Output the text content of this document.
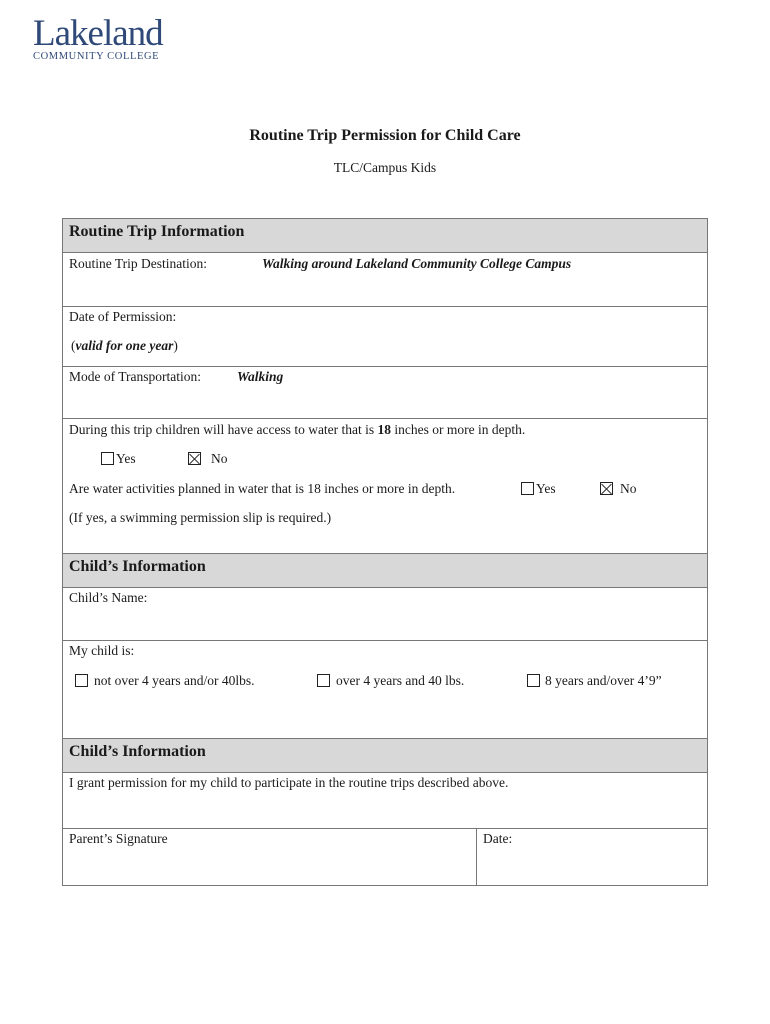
Lakeland
COMMUNITY COLLEGE
Routine Trip Permission for Child Care
TLC/Campus Kids
Routine Trip Information
Routine Trip Destination:	Walking around Lakeland Community College Campus
Date of Permission:
(valid for one year)
Mode of Transportation:	Walking
During this trip children will have access to water that is 18 inches or more in depth.
Yes	No
Are water activities planned in water that is 18 inches or more in depth.	Yes	No
(If yes, a swimming permission slip is required.)
Child’s Information
Child’s Name:
My child is:
not over 4 years and/or 40lbs.	over 4 years and 40 lbs.	8 years and/over 4’9”
Child’s Information
I grant permission for my child to participate in the routine trips described above.
Parent’s Signature	Date:
